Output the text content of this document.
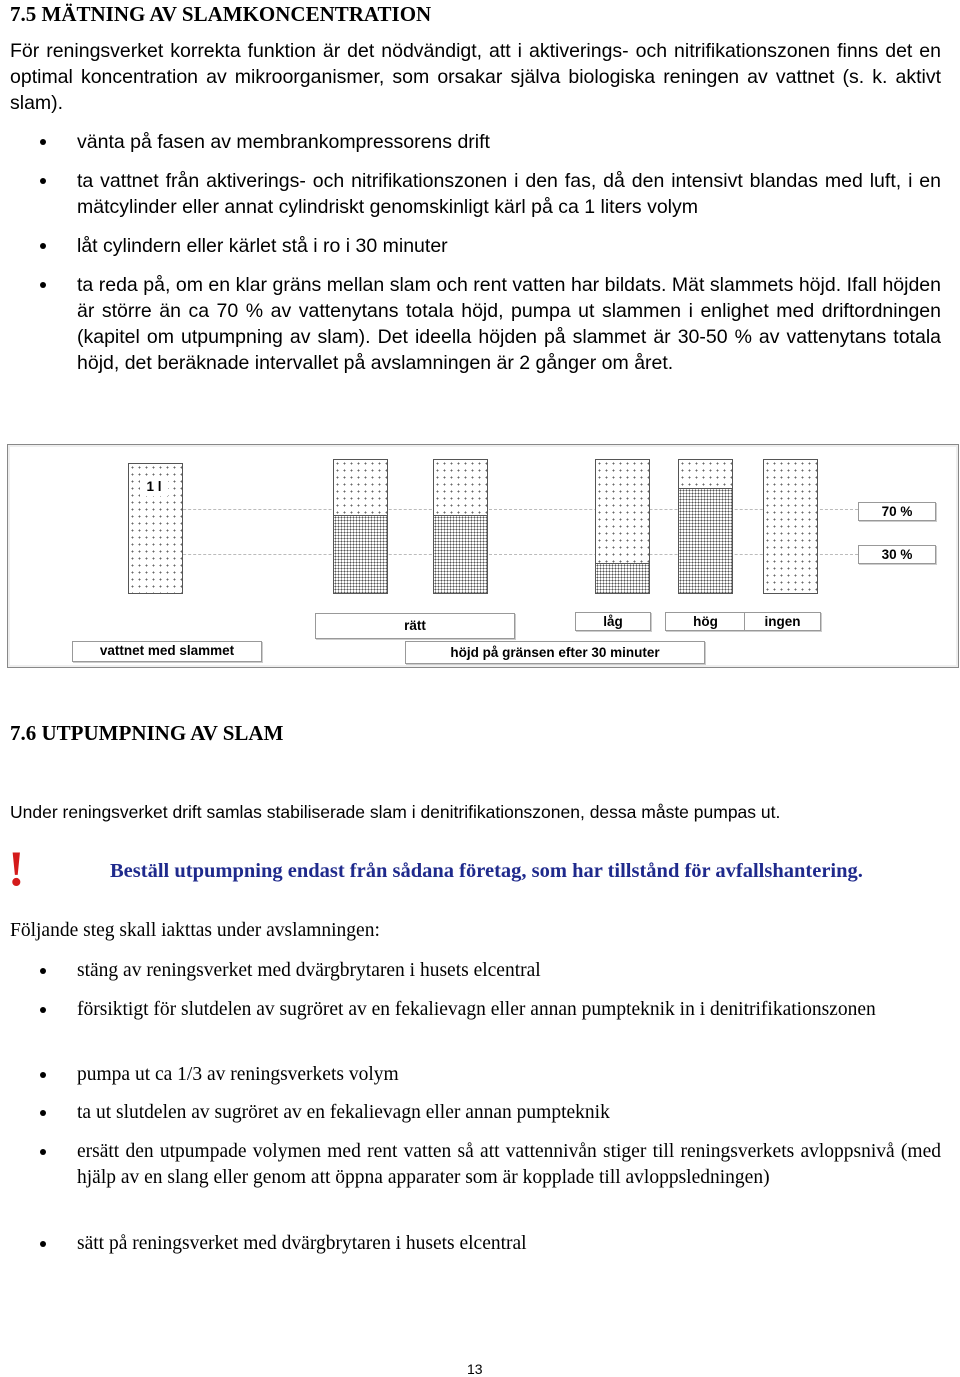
7.5 MÄTNING AV SLAMKONCENTRATION
För reningsverket korrekta funktion är det nödvändigt, att i aktiverings- och nitrifikationszonen finns det en optimal koncentration av mikroorganismer, som orsakar själva biologiska reningen av vattnet (s. k. aktivt slam).
vänta på fasen av membrankompressorens drift
ta vattnet från aktiverings- och nitrifikationszonen i den fas, då den intensivt blandas med luft, i en mätcylinder eller annat cylindriskt genomskinligt kärl på ca 1 liters volym
låt cylindern eller kärlet stå i ro i 30 minuter
ta reda på, om en klar gräns mellan slam och rent vatten har bildats. Mät slammets höjd. Ifall höjden är större än ca 70 % av vattenytans totala höjd, pumpa ut slammen i enlighet med driftordningen (kapitel om utpumpning av slam). Det ideella höjden på slammet är 30-50 % av vattenytans totala höjd, det beräknade intervallet på avslamningen är 2 gånger om året.
1 l
70 %
30 %
rätt	låg	hög	ingen
vattnet med slammet	höjd på gränsen efter 30 minuter
7.6 UTPUMPNING AV SLAM
Under reningsverket drift samlas stabiliserade slam i denitrifikationszonen, dessa måste pumpas ut.
!	Beställ utpumpning endast från sådana företag, som har tillstånd för avfallshantering.
Följande steg skall iakttas under avslamningen:
stäng av reningsverket med dvärgbrytaren i husets elcentral
försiktigt för slutdelen av sugröret av en fekalievagn eller annan pumpteknik in i denitrifikationszonen
pumpa ut ca 1/3 av reningsverkets volym
ta ut slutdelen av sugröret av en fekalievagn eller annan pumpteknik
ersätt den utpumpade volymen med rent vatten så att vattennivån stiger till reningsverkets avloppsnivå (med hjälp av en slang eller genom att öppna apparater som är kopplade till avloppsledningen)
sätt på reningsverket med dvärgbrytaren i husets elcentral
13
